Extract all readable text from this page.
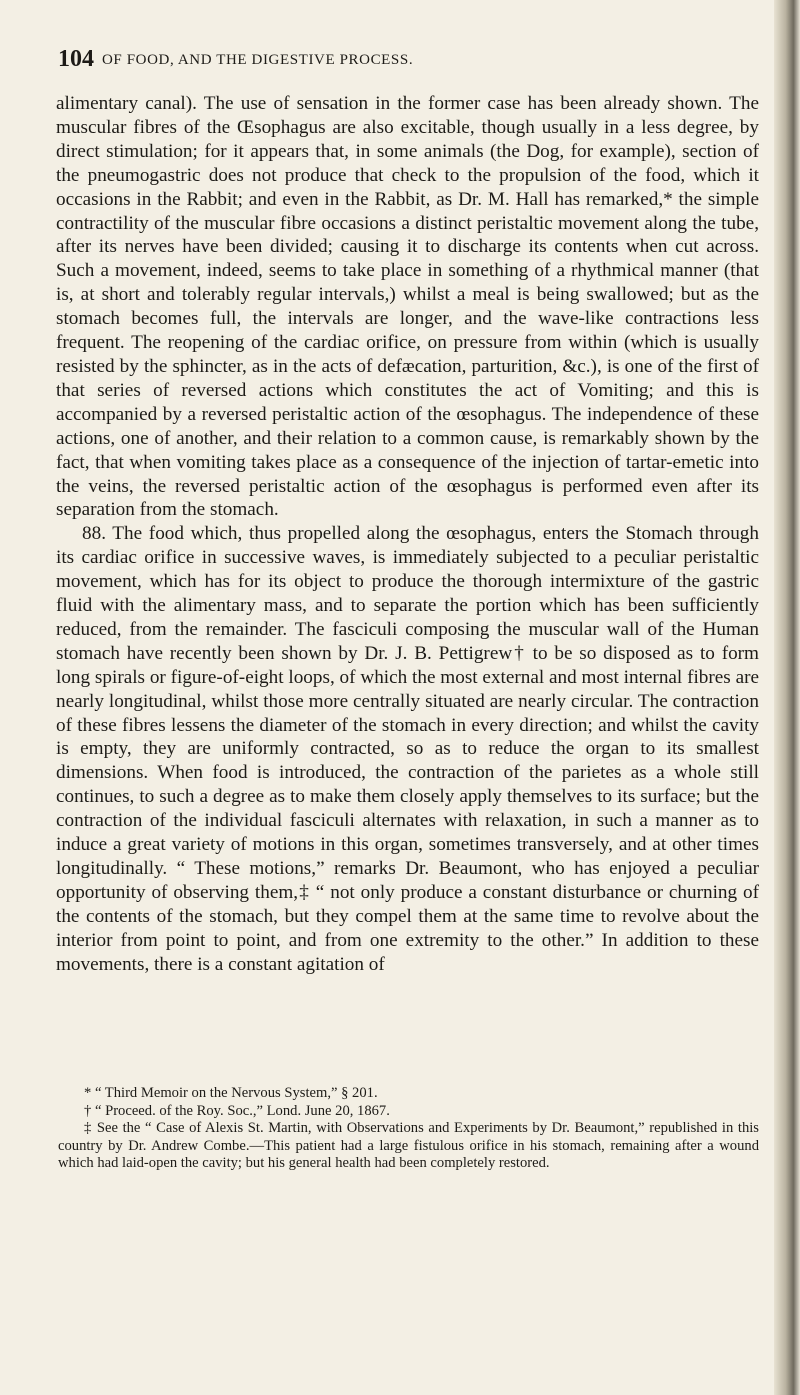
104 OF FOOD, AND THE DIGESTIVE PROCESS.

alimentary canal). The use of sensation in the former case has been already shown. The muscular fibres of the Œsophagus are also excitable, though usually in a less degree, by direct stimulation; for it appears that, in some animals (the Dog, for example), section of the pneumogastric does not produce that check to the propulsion of the food, which it occasions in the Rabbit; and even in the Rabbit, as Dr. M. Hall has remarked,* the simple contractility of the muscular fibre occasions a distinct peristaltic movement along the tube, after its nerves have been divided; causing it to discharge its contents when cut across. Such a movement, indeed, seems to take place in something of a rhythmical manner (that is, at short and tolerably regular intervals,) whilst a meal is being swallowed; but as the stomach becomes full, the intervals are longer, and the wave-like contractions less frequent. The reopening of the cardiac orifice, on pressure from within (which is usually resisted by the sphincter, as in the acts of defæcation, parturition, &c.), is one of the first of that series of reversed actions which constitutes the act of Vomiting; and this is accompanied by a reversed peristaltic action of the œsophagus. The independence of these actions, one of another, and their relation to a common cause, is remarkably shown by the fact, that when vomiting takes place as a consequence of the injection of tartar-emetic into the veins, the reversed peristaltic action of the œsophagus is performed even after its separation from the stomach.

88. The food which, thus propelled along the œsophagus, enters the Stomach through its cardiac orifice in successive waves, is immediately subjected to a peculiar peristaltic movement, which has for its object to produce the thorough intermixture of the gastric fluid with the alimentary mass, and to separate the portion which has been sufficiently reduced, from the remainder. The fasciculi composing the muscular wall of the Human stomach have recently been shown by Dr. J. B. Pettigrew† to be so disposed as to form long spirals or figure-of-eight loops, of which the most external and most internal fibres are nearly longitudinal, whilst those more centrally situated are nearly circular. The contraction of these fibres lessens the diameter of the stomach in every direction; and whilst the cavity is empty, they are uniformly contracted, so as to reduce the organ to its smallest dimensions. When food is introduced, the contraction of the parietes as a whole still continues, to such a degree as to make them closely apply themselves to its surface; but the contraction of the individual fasciculi alternates with relaxation, in such a manner as to induce a great variety of motions in this organ, sometimes transversely, and at other times longitudinally. “ These motions,” remarks Dr. Beaumont, who has enjoyed a peculiar opportunity of observing them,‡ “ not only produce a constant disturbance or churning of the contents of the stomach, but they compel them at the same time to revolve about the interior from point to point, and from one extremity to the other.” In addition to these movements, there is a constant agitation of

* “ Third Memoir on the Nervous System,” § 201.

† “ Proceed. of the Roy. Soc.,” Lond. June 20, 1867.

‡ See the “ Case of Alexis St. Martin, with Observations and Experiments by Dr. Beaumont,” republished in this country by Dr. Andrew Combe.—This patient had a large fistulous orifice in his stomach, remaining after a wound which had laid-open the cavity; but his general health had been completely restored.
